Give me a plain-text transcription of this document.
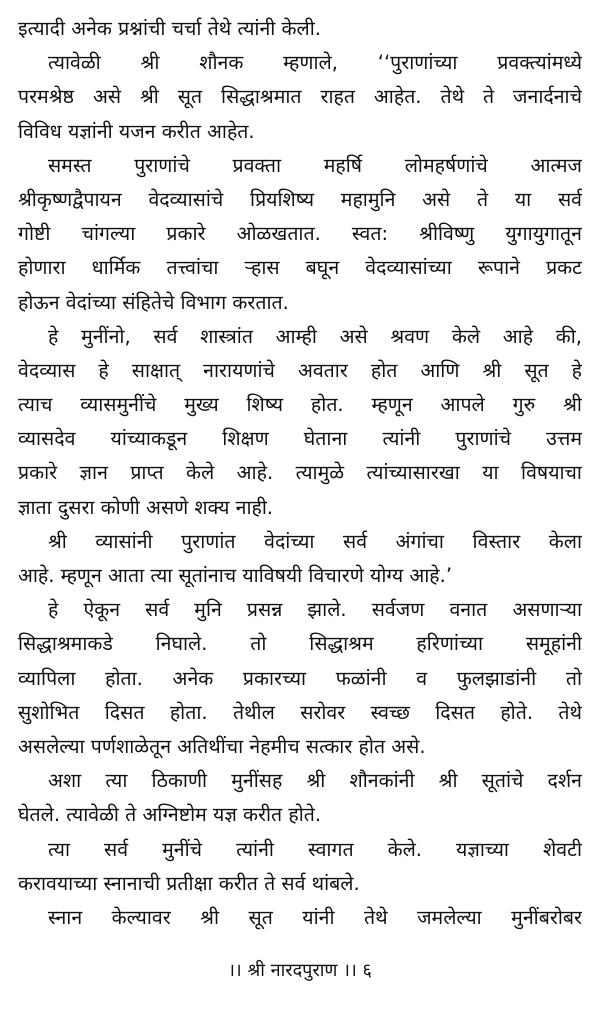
इत्यादी अनेक प्रश्नांची चर्चा तेथे त्यांनी केली.
त्यावेळी श्री शौनक म्हणाले, ‘‘पुराणांच्या प्रवक्त्यांमध्ये
परमश्रेष्ठ असे श्री सूत सिद्धाश्रमात राहत आहेत. तेथे ते जनार्दनाचे
विविध यज्ञांनी यजन करीत आहेत.
समस्त पुराणांचे प्रवक्ता महर्षि लोमहर्षणांचे आत्मज
श्रीकृष्णद्वैपायन वेदव्यासांचे प्रियशिष्य महामुनि असे ते या सर्व
गोष्टी चांगल्या प्रकारे ओळखतात. स्वत: श्रीविष्णु युगायुगातून
होणारा धार्मिक तत्त्वांचा ऱ्हास बघून वेदव्यासांच्या रूपाने प्रकट
होऊन वेदांच्या संहितेचे विभाग करतात.
हे मुनींनो, सर्व शास्त्रांत आम्ही असे श्रवण केले आहे की,
वेदव्यास हे साक्षात् नारायणांचे अवतार होत आणि श्री सूत हे
त्याच व्यासमुनींचे मुख्य शिष्य होत. म्हणून आपले गुरु श्री
व्यासदेव यांच्याकडून शिक्षण घेताना त्यांनी पुराणांचे उत्तम
प्रकारे ज्ञान प्राप्त केले आहे. त्यामुळे त्यांच्यासारखा या विषयाचा
ज्ञाता दुसरा कोणी असणे शक्य नाही.
श्री व्यासांनी पुराणांत वेदांच्या सर्व अंगांचा विस्तार केला
आहे. म्हणून आता त्या सूतांनाच याविषयी विचारणे योग्य आहे.’
हे ऐकून सर्व मुनि प्रसन्न झाले. सर्वजण वनात असणाऱ्या
सिद्धाश्रमाकडे निघाले. तो सिद्धाश्रम हरिणांच्या समूहांनी
व्यापिला होता. अनेक प्रकारच्या फळांनी व फुलझाडांनी तो
सुशोभित दिसत होता. तेथील सरोवर स्वच्छ दिसत होते. तेथे
असलेल्या पर्णशाळेतून अतिथींचा नेहमीच सत्कार होत असे.
अशा त्या ठिकाणी मुनींसह श्री शौनकांनी श्री सूतांचे दर्शन
घेतले. त्यावेळी ते अग्निष्टोम यज्ञ करीत होते.
त्या सर्व मुनींचे त्यांनी स्वागत केले. यज्ञाच्या शेवटी
करावयाच्या स्नानाची प्रतीक्षा करीत ते सर्व थांबले.
स्नान केल्यावर श्री सूत यांनी तेथे जमलेल्या मुनींबरोबर
।। श्री नारदपुराण ।। ६
